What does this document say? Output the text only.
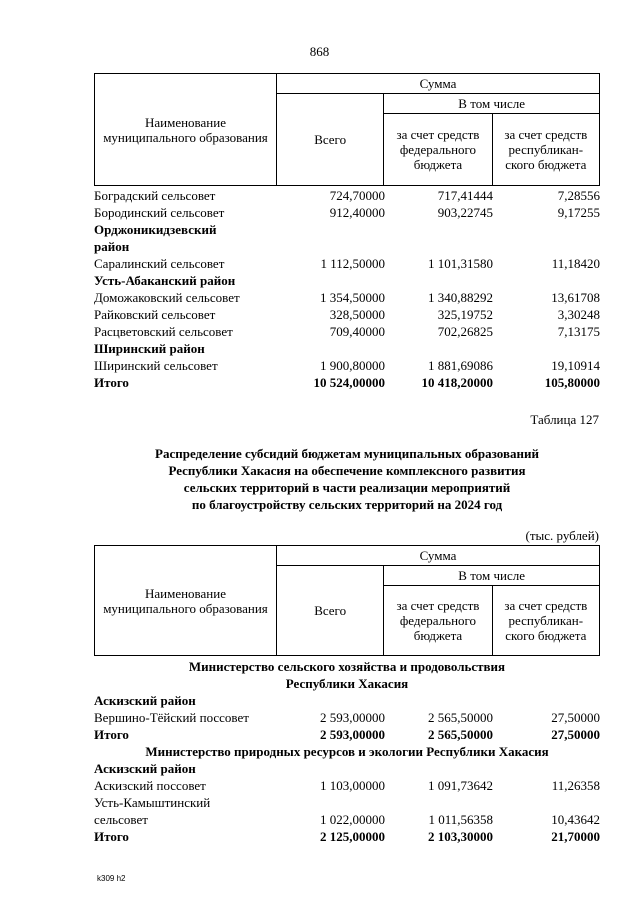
868
Наименование муниципального образования	Сумма		
	Всего	В том числе	
		за счет средств федерального бюджета	за счет средств республикан-ского бюджета
Боградский сельсовет	724,70000	717,41444	7,28556
Бородинский сельсовет	912,40000	903,22745	9,17255
Орджоникидзевский			
район			
Саралинский сельсовет	1 112,50000	1 101,31580	11,18420
Усть-Абаканский район			
Доможаковский сельсовет	1 354,50000	1 340,88292	13,61708
Райковский сельсовет	328,50000	325,19752	3,30248
Расцветовский сельсовет	709,40000	702,26825	7,13175
Ширинский район			
Ширинский сельсовет	1 900,80000	1 881,69086	19,10914
Итого	10 524,00000	10 418,20000	105,80000
Таблица 127
Распределение субсидий бюджетам муниципальных образований
Республики Хакасия на обеспечение комплексного развития
сельских территорий в части реализации мероприятий
по благоустройству сельских территорий на 2024 год
(тыс. рублей)
Наименование муниципального образования	Сумма		
	Всего	В том числе	
		за счет средств федерального бюджета	за счет средств республикан-ского бюджета
Министерство сельского хозяйства и продовольствия			
Республики Хакасия			
Аскизский район			
Вершино-Тёйский поссовет	2 593,00000	2 565,50000	27,50000
Итого	2 593,00000	2 565,50000	27,50000
Министерство природных ресурсов и экологии Республики Хакасия			
Аскизский район			
Аскизский поссовет	1 103,00000	1 091,73642	11,26358
Усть-Камыштинский			
сельсовет	1 022,00000	1 011,56358	10,43642
Итого	2 125,00000	2 103,30000	21,70000
k309 h2
